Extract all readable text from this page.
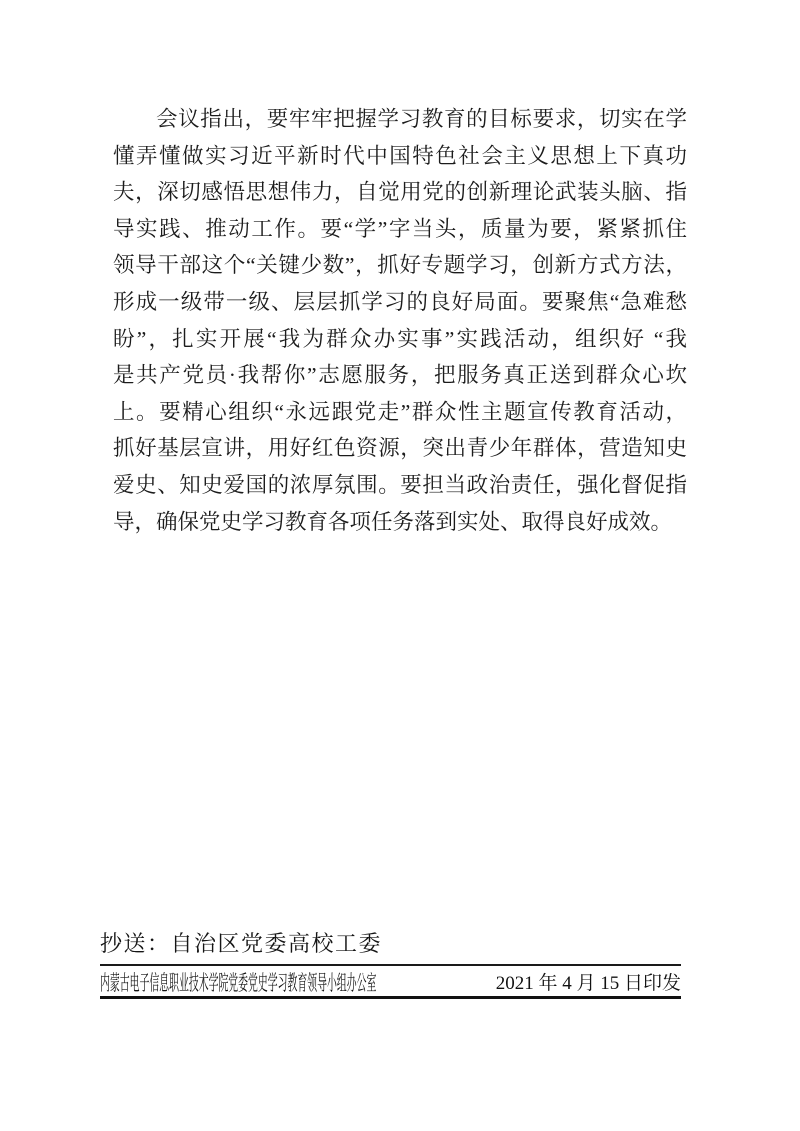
会议指出，要牢牢把握学习教育的目标要求，切实在学
懂弄懂做实习近平新时代中国特色社会主义思想上下真功
夫，深切感悟思想伟力，自觉用党的创新理论武装头脑、指
导实践、推动工作。要“学”字当头，质量为要，紧紧抓住
领导干部这个“关键少数”，抓好专题学习，创新方式方法，
形成一级带一级、层层抓学习的良好局面。要聚焦“急难愁
盼”，扎实开展“我为群众办实事”实践活动，组织好 “我
是共产党员·我帮你”志愿服务，把服务真正送到群众心坎
上。要精心组织“永远跟党走”群众性主题宣传教育活动，
抓好基层宣讲，用好红色资源，突出青少年群体，营造知史
爱史、知史爱国的浓厚氛围。要担当政治责任，强化督促指
导，确保党史学习教育各项任务落到实处、取得良好成效。
抄送：自治区党委高校工委
内蒙古电子信息职业技术学院党委党史学习教育领导小组办公室	2021 年 4 月 15 日印发
